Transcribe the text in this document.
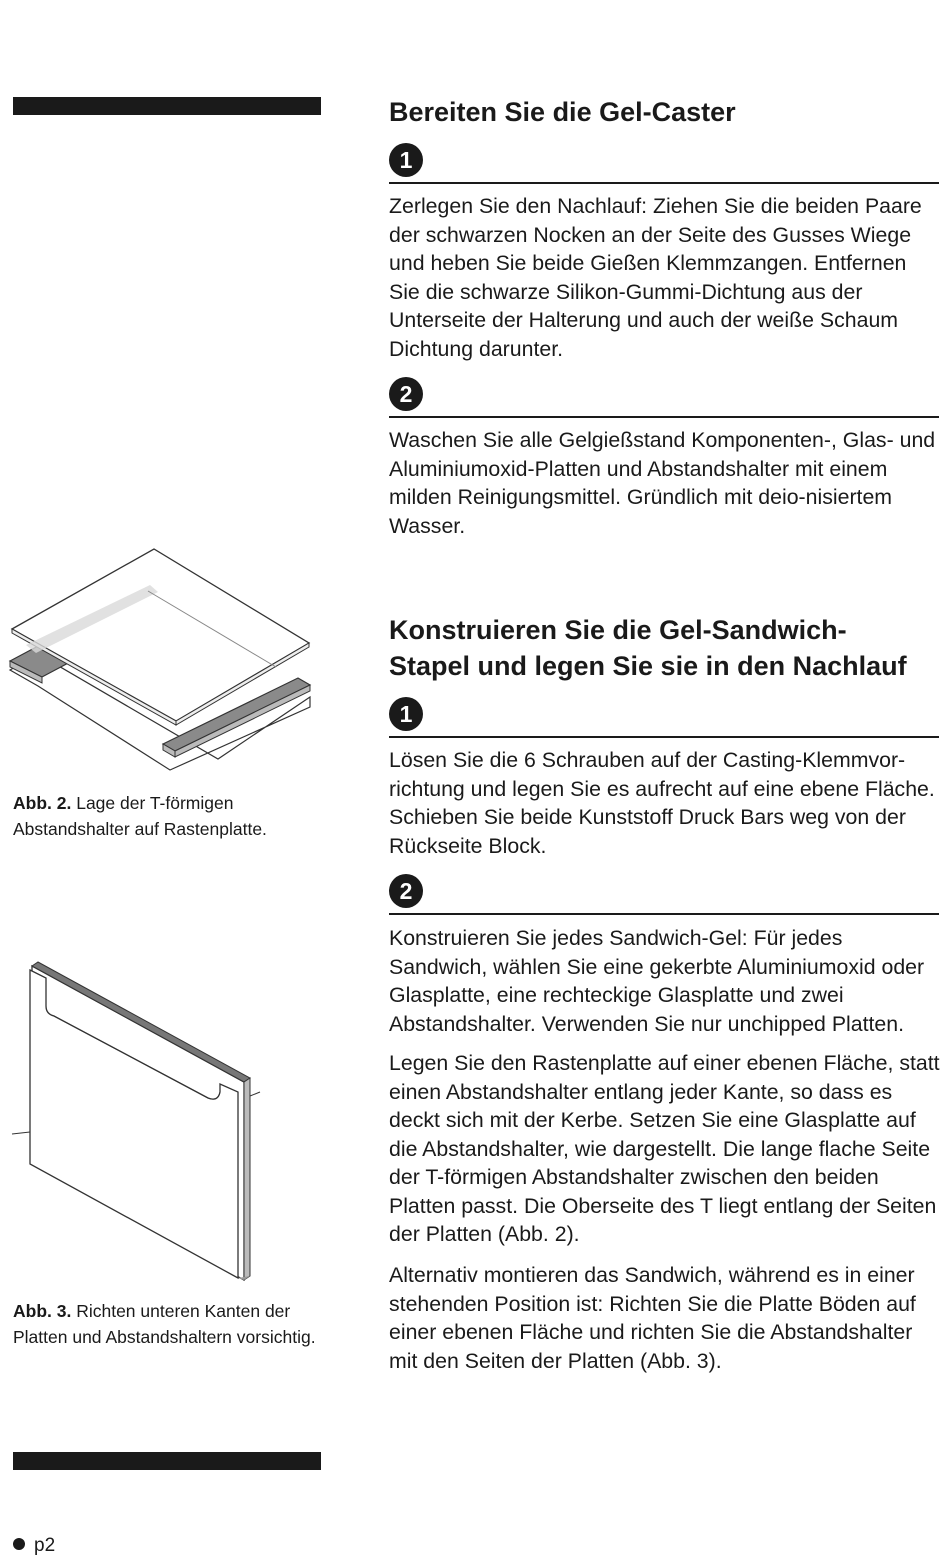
Bereiten Sie die Gel-Caster
1

Zerlegen Sie den Nachlauf: Ziehen Sie die beiden Paare der schwarzen Nocken an der Seite des Gusses Wiege und heben Sie beide Gießen Klemmzangen. Entfernen Sie die schwarze Silikon-Gummi-Dichtung aus der Unterseite der Halterung und auch der weiße Schaum Dichtung darunter.

2

Waschen Sie alle Gelgießstand Komponenten-, Glas- und Aluminiumoxid-Platten und Abstandshalter mit einem milden Reinigungsmittel. Gründlich mit deio-nisiertem Wasser.

Konstruieren Sie die Gel-Sandwich-
Stapel und legen Sie sie in den Nachlauf
1

Lösen Sie die 6 Schrauben auf der Casting-Klemmvor-richtung und legen Sie es aufrecht auf eine ebene Fläche. Schieben Sie beide Kunststoff Druck Bars weg von der Rückseite Block.

2

Konstruieren Sie jedes Sandwich-Gel: Für jedes Sandwich, wählen Sie eine gekerbte Aluminiumoxid oder Glasplatte, eine rechteckige Glasplatte und zwei Abstandshalter. Verwenden Sie nur unchipped Platten.

Legen Sie den Rastenplatte auf einer ebenen Fläche, statt einen Abstandshalter entlang jeder Kante, so dass es deckt sich mit der Kerbe. Setzen Sie eine Glasplatte auf die Abstandshalter, wie dargestellt. Die lange flache Seite der T-förmigen Abstandshalter zwischen den beiden Platten passt. Die Oberseite des T liegt entlang der Seiten der Platten (Abb. 2).

Alternativ montieren das Sandwich, während es in einer stehenden Position ist: Richten Sie die Platte Böden auf einer ebenen Fläche und richten Sie die Abstandshalter mit den Seiten der Platten (Abb. 3).

Abb. 2. Lage der T-förmigen Abstandshalter auf Rastenplatte.

Abb. 3. Richten unteren Kanten der Platten und Abstandshaltern vorsichtig.

p2
